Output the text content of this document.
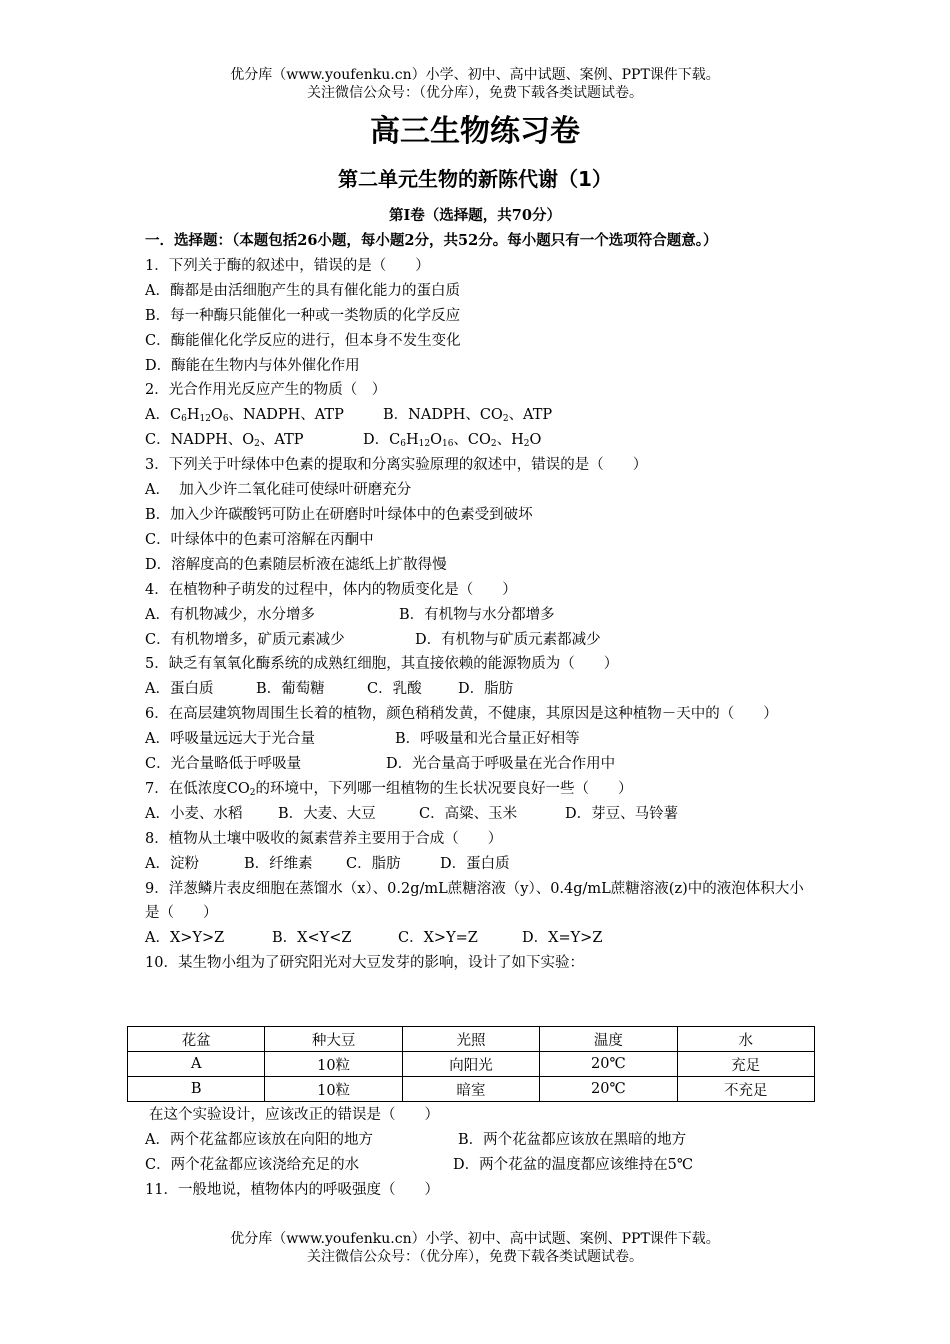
优分库（www.youfenku.cn）小学、初中、高中试题、案例、PPT课件下载。
关注微信公众号：（优分库），免费下载各类试题试卷。
高三生物练习卷
第二单元生物的新陈代谢（1）
第I卷（选择题，共70分）

一．选择题：（本题包括26小题，每小题2分，共52分。每小题只有一个选项符合题意。）

1．下列关于酶的叙述中，错误的是（　　）

A．酶都是由活细胞产生的具有催化能力的蛋白质

B．每一种酶只能催化一种或一类物质的化学反应

C．酶能催化化学反应的进行，但本身不发生变化

D．酶能在生物内与体外催化作用

2．光合作用光反应产生的物质（　）

A．$C_6H_{12}O_6$、NADPH、ATP	B．NADPH、$CO_2$、ATP

C．NADPH、$O_2$、ATP	D．$C_6H_{12}O_{16}$、$CO_2$、$H_2O$

3．下列关于叶绿体中色素的提取和分离实验原理的叙述中，错误的是（　　）

A．  加入少许二氧化硅可使绿叶研磨充分

B．加入少许碳酸钙可防止在研磨时叶绿体中的色素受到破坏

C．叶绿体中的色素可溶解在丙酮中

D．溶解度高的色素随层析液在滤纸上扩散得慢

4．在植物种子萌发的过程中，体内的物质变化是（　　）

A．有机物减少，水分增多	B．有机物与水分都增多

C．有机物增多，矿质元素减少	D．有机物与矿质元素都减少

5．缺乏有氧氧化酶系统的成熟红细胞，其直接依赖的能源物质为（　　）

A．蛋白质	B．葡萄糖	C．乳酸	D．脂肪

6．在高层建筑物周围生长着的植物，颜色稍稍发黄，不健康，其原因是这种植物－天中的（　　）

A．呼吸量远远大于光合量	B．呼吸量和光合量正好相等

C．光合量略低于呼吸量	D．光合量高于呼吸量在光合作用中

7．在低浓度$CO_2$的环境中，下列哪一组植物的生长状况要良好一些（　　）

A．小麦、水稻 B．大麦、大豆	C．高粱、玉米	D．芽豆、马铃薯

8．植物从土壤中吸收的氮素营养主要用于合成（　　）

A．淀粉	B．纤维素 C．脂肪	D．蛋白质

9．洋葱鳞片表皮细胞在蒸馏水（x）、0.2g/mL蔗糖溶液（y）、0.4g/mL蔗糖溶液(z)中的液泡体积大小是（　　）

A．X>Y>Z	B．X<Y<Z	C．X>Y=Z	D．X=Y>Z

10．某生物小组为了研究阳光对大豆发芽的影响，设计了如下实验：

花盆	种大豆	光照	温度	水
A	10粒	向阳光	20℃	充足
B	10粒	暗室	20℃	不充足

在这个实验设计，应该改正的错误是（　　）

A．两个花盆都应该放在向阳的地方	B．两个花盆都应该放在黑暗的地方

C．两个花盆都应该浇给充足的水	D．两个花盆的温度都应该维持在5℃

11．一般地说，植物体内的呼吸强度（　　）

优分库（www.youfenku.cn）小学、初中、高中试题、案例、PPT课件下载。
关注微信公众号：（优分库），免费下载各类试题试卷。
